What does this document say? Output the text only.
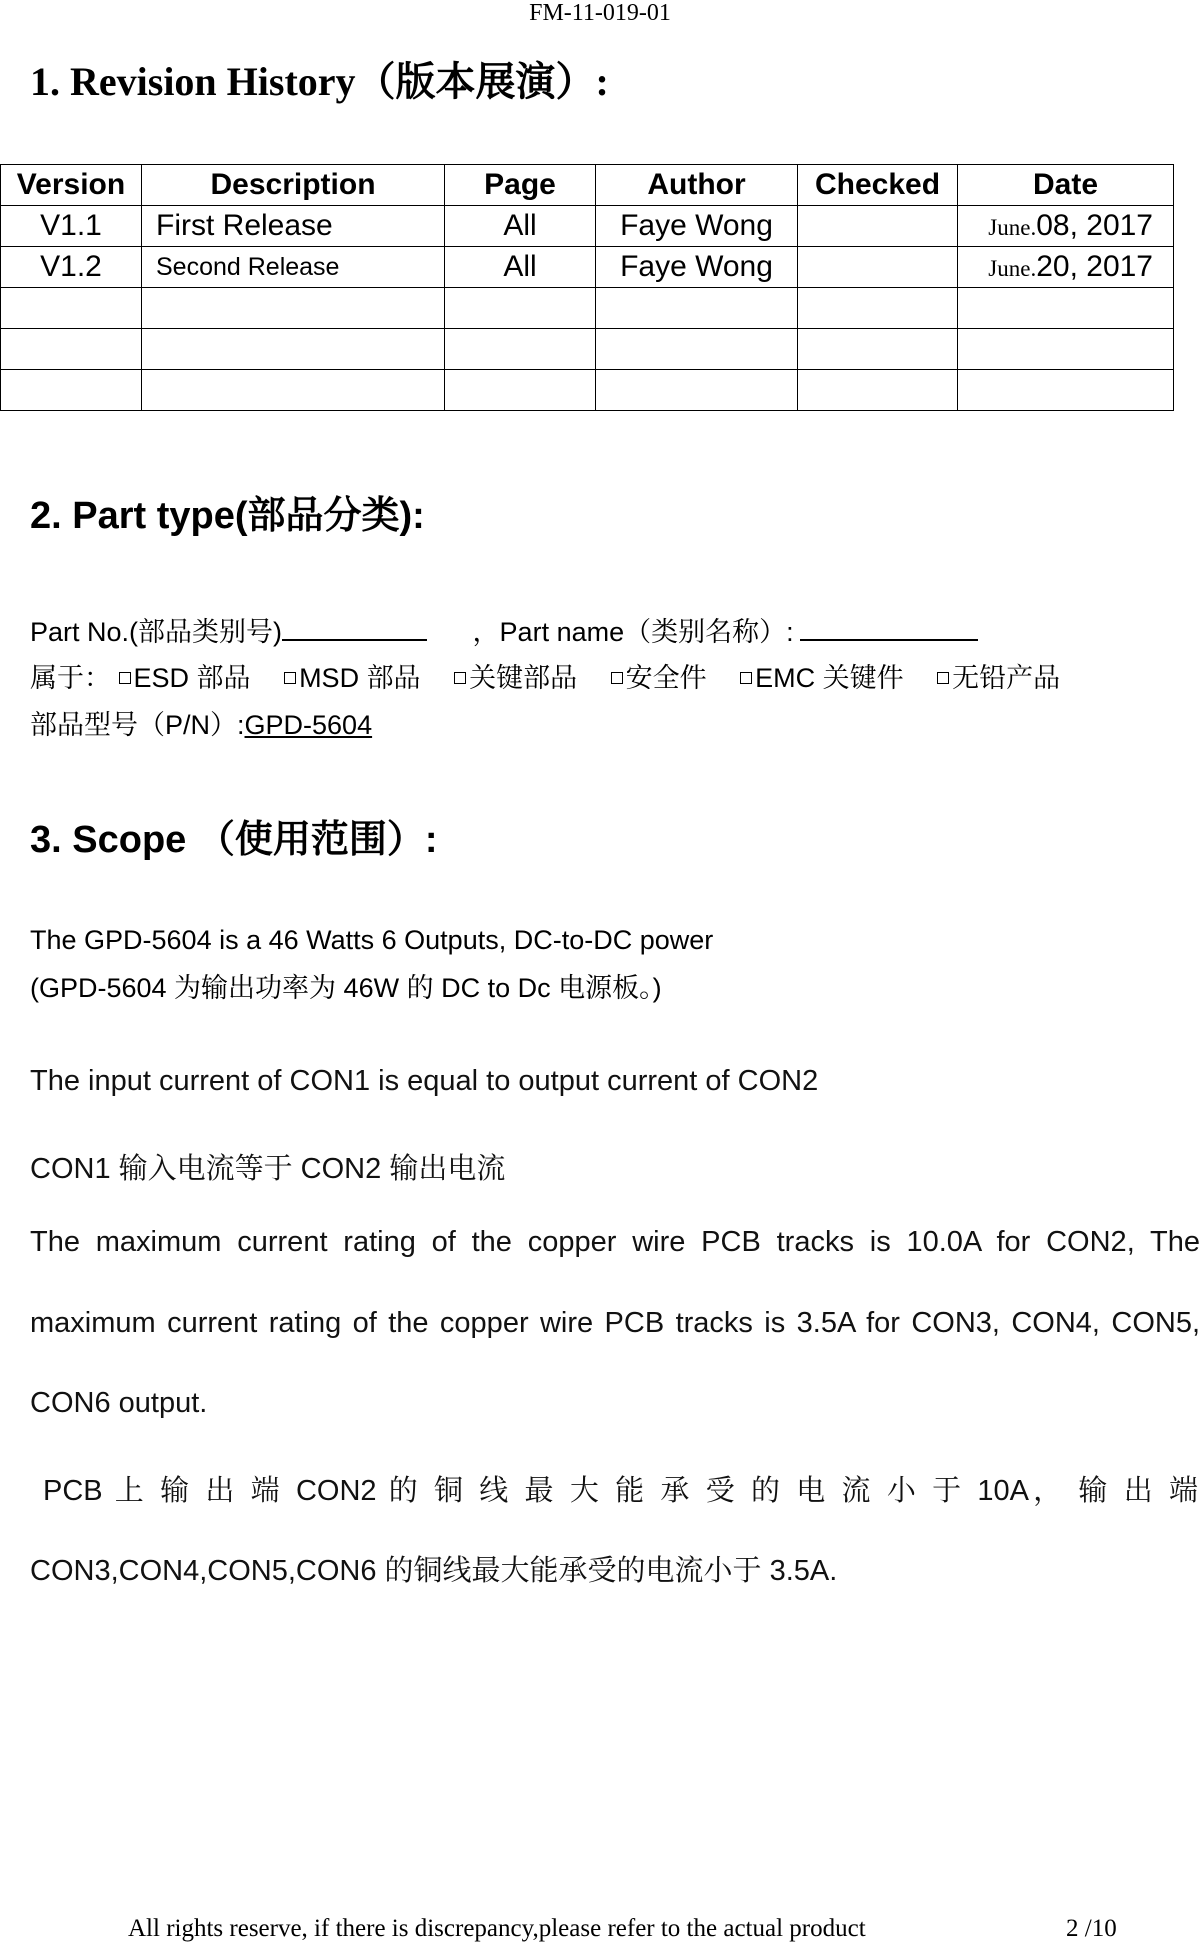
FM-11-019-01
1. Revision History（版本展演）:
Version	Description	Page	Author	Checked	Date
V1.1	First Release	All	Faye Wong		June.08, 2017
V1.2	Second Release	All	Faye Wong		June.20, 2017

2. Part type(部品分类):
Part No.(部品类别号)	，Part name（类别名称）:
属于： ESD 部品 MSD 部品 关键部品 安全件 EMC 关键件 无铅产品
部品型号（P/N）:GPD-5604
3. Scope （使用范围）:
The GPD-5604 is a 46 Watts 6 Outputs, DC-to-DC power
(GPD-5604 为输出功率为 46W 的 DC to Dc 电源板。)
The input current of CON1 is equal to output current of CON2
CON1 输入电流等于 CON2 输出电流
The maximum current rating of the copper wire PCB tracks is 10.0A for CON2, The
maximum current rating of the copper wire PCB tracks is 3.5A for CON3, CON4, CON5,
CON6 output.
PCB 上 输 出 端 CON2 的 铜 线 最 大 能 承 受 的 电 流 小 于 10A， 输 出 端
CON3,CON4,CON5,CON6 的铜线最大能承受的电流小于 3.5A.
All rights reserve, if there is discrepancy,please refer to the actual product	2 /10
